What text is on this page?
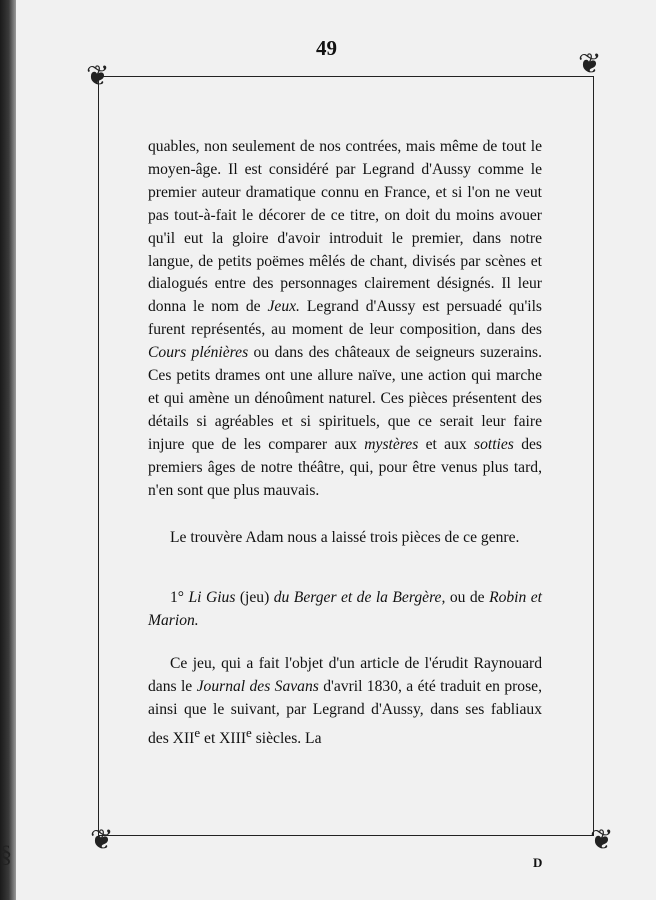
49
❦	❦
❦	❦
§

quables, non seulement de nos contrées, mais même de tout le moyen-âge. Il est considéré par Legrand d'Aussy comme le premier auteur dramatique connu en France, et si l'on ne veut pas tout-à-fait le décorer de ce titre, on doit du moins avouer qu'il eut la gloire d'avoir introduit le premier, dans notre langue, de petits poëmes mêlés de chant, divisés par scènes et dialogués entre des personnages clairement désignés. Il leur donna le nom de Jeux. Legrand d'Aussy est persuadé qu'ils furent représentés, au moment de leur composition, dans des Cours plénières ou dans des châteaux de seigneurs suzerains. Ces petits drames ont une allure naïve, une action qui marche et qui amène un dénoûment naturel. Ces pièces présentent des détails si agréables et si spirituels, que ce serait leur faire injure que de les comparer aux mystères et aux sotties des premiers âges de notre théâtre, qui, pour être venus plus tard, n'en sont que plus mauvais.

Le trouvère Adam nous a laissé trois pièces de ce genre.

1° Li Gius (jeu) du Berger et de la Bergère, ou de Robin et Marion.

Ce jeu, qui a fait l'objet d'un article de l'érudit Raynouard dans le Journal des Savans d'avril 1830, a été traduit en prose, ainsi que le suivant, par Legrand d'Aussy, dans ses fabliaux des XIIe et XIIIe siècles. La

D
